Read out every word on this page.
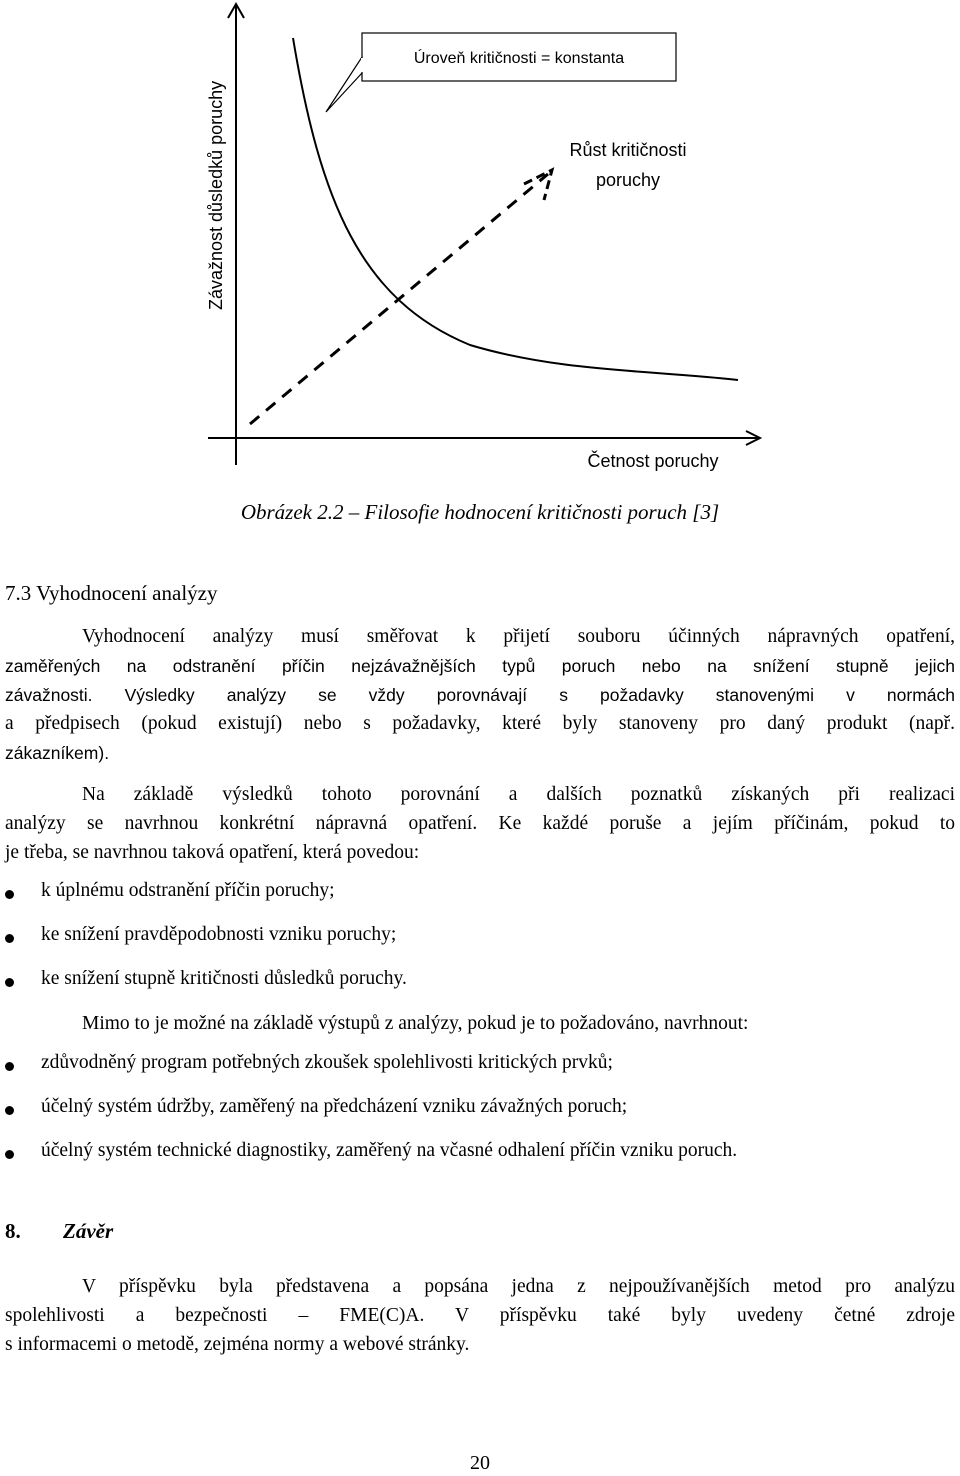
Závažnost důsledků poruchy
Úroveň kritičnosti = konstanta
Růst kritičnosti
poruchy
Četnost poruchy
Obrázek 2.2 – Filosofie hodnocení kritičnosti poruch [3]
7.3 Vyhodnocení analýzy
Vyhodnocení analýzy musí směřovat k přijetí souboru účinných nápravných opatření,
zaměřených na odstranění příčin nejzávažnějších typů poruch nebo na snížení stupně jejich
závažnosti. Výsledky analýzy se vždy porovnávají s požadavky stanovenými v normách
a předpisech (pokud existují) nebo s požadavky, které byly stanoveny pro daný produkt (např.
zákazníkem).
Na základě výsledků tohoto porovnání a dalších poznatků získaných při realizaci
analýzy se navrhnou konkrétní nápravná opatření. Ke každé poruše a jejím příčinám, pokud to
je třeba, se navrhnou taková opatření, která povedou:
k úplnému odstranění příčin poruchy;
ke snížení pravděpodobnosti vzniku poruchy;
ke snížení stupně kritičnosti důsledků poruchy.
Mimo to je možné na základě výstupů z analýzy, pokud je to požadováno, navrhnout:
zdůvodněný program potřebných zkoušek spolehlivosti kritických prvků;
účelný systém údržby, zaměřený na předcházení vzniku závažných poruch;
účelný systém technické diagnostiky, zaměřený na včasné odhalení příčin vzniku poruch.
8. Závěr
V příspěvku byla představena a popsána jedna z nejpoužívanějších metod pro analýzu
spolehlivosti a bezpečnosti – FME(C)A. V příspěvku také byly uvedeny četné zdroje
s informacemi o metodě, zejména normy a webové stránky.
20
